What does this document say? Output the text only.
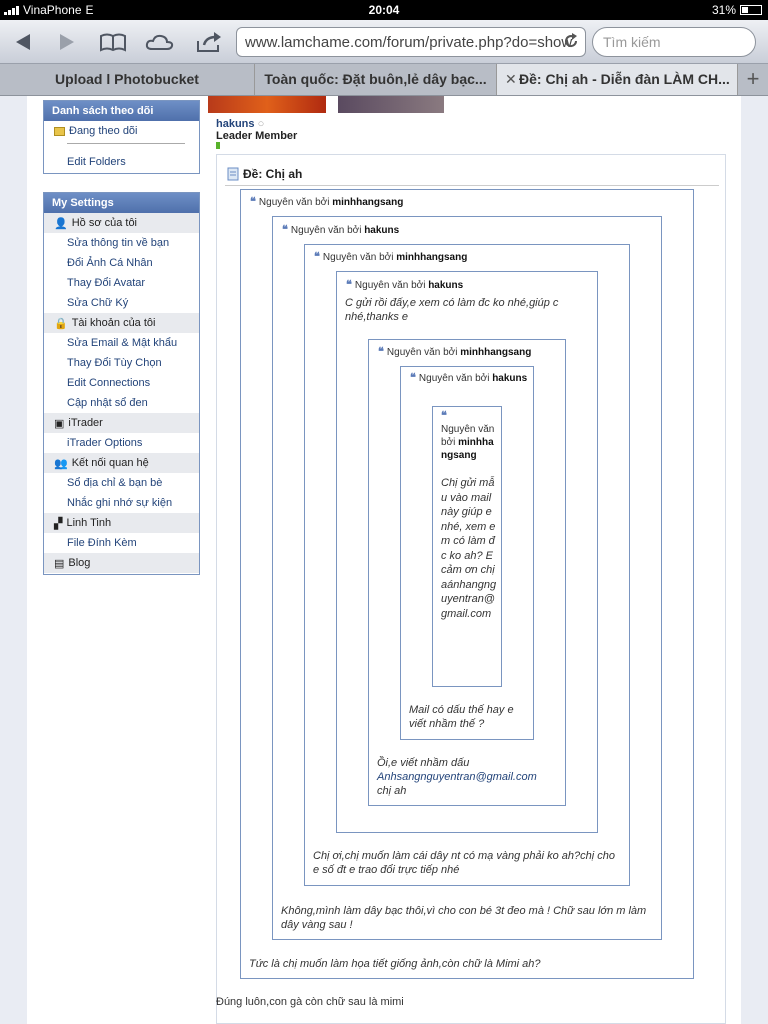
VinaPhone E	20:04	31%
www.lamchame.com/forum/private.php?do=show	Tìm kiếm
Upload l Photobucket	Toàn quốc: Đặt buôn,lẻ dây bạc...	✕ Đề: Chị ah - Diễn đàn LÀM CH... +
Danh sách theo dõi
Đang theo dõi
Edit Folders
My Settings
👤 Hồ sơ của tôi
Sửa thông tin về bạn
Đổi Ảnh Cá Nhân
Thay Đổi Avatar
Sửa Chữ Ký
🔒 Tài khoản của tôi
Sửa Email & Mật khẩu
Thay Đổi Tùy Chọn
Edit Connections
Cập nhật sổ đen
▣ iTrader
iTrader Options
👥 Kết nối quan hệ
Sổ địa chỉ & bạn bè
Nhắc ghi nhớ sự kiện
▞ Linh Tinh
File Đính Kèm
▤ Blog
hakuns ○
Leader Member
Đề: Chị ah
❝ Nguyên văn bởi minhhangsang
Tức là chị muốn làm họa tiết giống ảnh,còn chữ là Mimi ah?
❝ Nguyên văn bởi hakuns
Không,mình làm dây bạc thôi,vì cho con bé 3t đeo mà ! Chữ sau lớn m làm dây vàng sau !
❝ Nguyên văn bởi minhhangsang
Chị ơi,chị muốn làm cái dây nt có mạ vàng phải ko ah?chị cho e số đt e trao đổi trực tiếp nhé
❝ Nguyên văn bởi hakuns
C gửi rồi đấy,e xem có làm đc ko nhé,giúp c nhé,thanks e
❝ Nguyên văn bởi minhhangsang
Ồi,e viết nhầm dấu
Anhsangnguyentran@gmail.com
chị ah
❝ Nguyên văn bởi hakuns
Mail có dấu thế hay e viết nhầm thế ?
❝
Nguyên văn bởi minhhangsang
Chị gửi mẫu vào mail này giúp e nhé, xem em có làm đc ko ah? E cảm ơn chị aánhangnguyentran@gmail.com
Đúng luôn,con gà còn chữ sau là mimi
